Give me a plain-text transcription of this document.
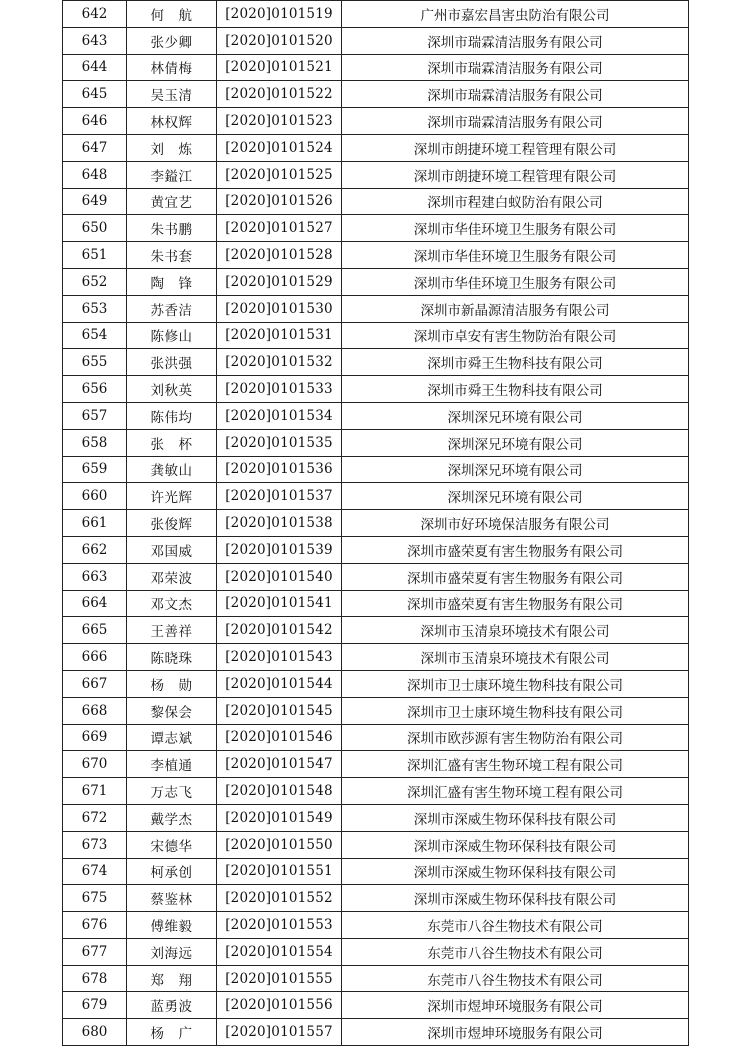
642	何　航	[2020]0101519	广州市嘉宏昌害虫防治有限公司
643	张少卿	[2020]0101520	深圳市瑞霖清洁服务有限公司
644	林倩梅	[2020]0101521	深圳市瑞霖清洁服务有限公司
645	吴玉清	[2020]0101522	深圳市瑞霖清洁服务有限公司
646	林权辉	[2020]0101523	深圳市瑞霖清洁服务有限公司
647	刘　炼	[2020]0101524	深圳市朗捷环境工程管理有限公司
648	李鎰江	[2020]0101525	深圳市朗捷环境工程管理有限公司
649	黄宜艺	[2020]0101526	深圳市程建白蚁防治有限公司
650	朱书鹏	[2020]0101527	深圳市华佳环境卫生服务有限公司
651	朱书套	[2020]0101528	深圳市华佳环境卫生服务有限公司
652	陶　锋	[2020]0101529	深圳市华佳环境卫生服务有限公司
653	苏香洁	[2020]0101530	深圳市新晶源清洁服务有限公司
654	陈修山	[2020]0101531	深圳市卓安有害生物防治有限公司
655	张洪强	[2020]0101532	深圳市舜王生物科技有限公司
656	刘秋英	[2020]0101533	深圳市舜王生物科技有限公司
657	陈伟均	[2020]0101534	深圳深兄环境有限公司
658	张　杯	[2020]0101535	深圳深兄环境有限公司
659	龚敏山	[2020]0101536	深圳深兄环境有限公司
660	许光辉	[2020]0101537	深圳深兄环境有限公司
661	张俊辉	[2020]0101538	深圳市好环境保洁服务有限公司
662	邓国威	[2020]0101539	深圳市盛荣夏有害生物服务有限公司
663	邓荣波	[2020]0101540	深圳市盛荣夏有害生物服务有限公司
664	邓文杰	[2020]0101541	深圳市盛荣夏有害生物服务有限公司
665	王善祥	[2020]0101542	深圳市玉清泉环境技术有限公司
666	陈晓珠	[2020]0101543	深圳市玉清泉环境技术有限公司
667	杨　勋	[2020]0101544	深圳市卫士康环境生物科技有限公司
668	黎保会	[2020]0101545	深圳市卫士康环境生物科技有限公司
669	谭志斌	[2020]0101546	深圳市欧莎源有害生物防治有限公司
670	李植通	[2020]0101547	深圳汇盛有害生物环境工程有限公司
671	万志飞	[2020]0101548	深圳汇盛有害生物环境工程有限公司
672	戴学杰	[2020]0101549	深圳市深威生物环保科技有限公司
673	宋德华	[2020]0101550	深圳市深威生物环保科技有限公司
674	柯承创	[2020]0101551	深圳市深威生物环保科技有限公司
675	蔡鉴林	[2020]0101552	深圳市深威生物环保科技有限公司
676	傅维毅	[2020]0101553	东莞市八谷生物技术有限公司
677	刘海远	[2020]0101554	东莞市八谷生物技术有限公司
678	郑　翔	[2020]0101555	东莞市八谷生物技术有限公司
679	蓝勇波	[2020]0101556	深圳市煜坤环境服务有限公司
680	杨　广	[2020]0101557	深圳市煜坤环境服务有限公司
